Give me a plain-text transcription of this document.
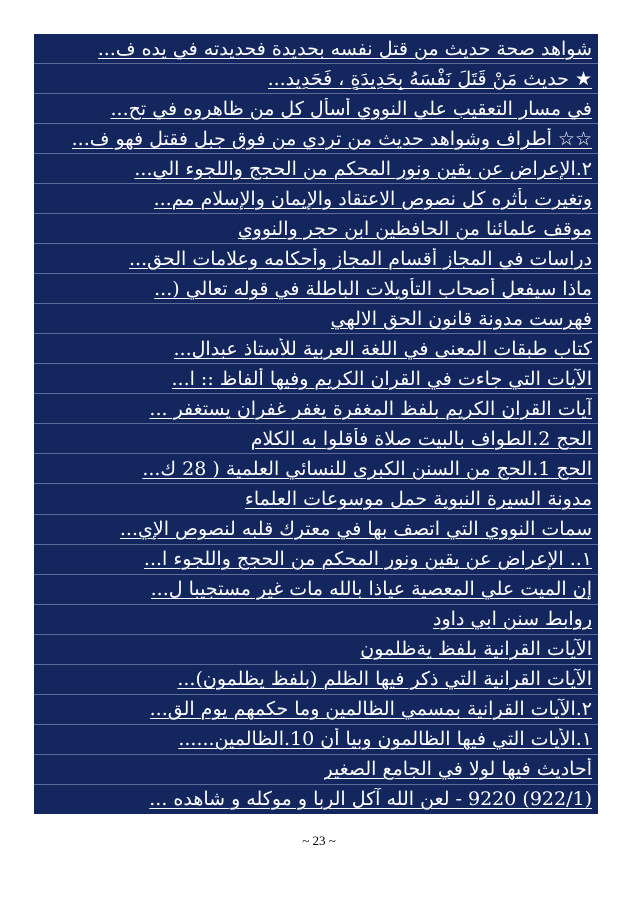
شواهد صحة حديث من قتل نفسه بحديدة فحديدته في يده ف...
★ حديث مَنْ قَتَلَ نَفْسَهُ بِحَدِيدَةٍ ، فَحَدِيد...
في مسار التعقيب علي النووي أسأل كل من ظاهروه في تح...
☆☆ أطراف وشواهد حديث من تردي من فوق جبل فقتل فهو ف...
٢.الإعراض عن يقين ونور المحكم من الحجج واللجوء الي...
وتغيرت بأثره كل نصوص الاعتقاد والإيمان والإسلام مم...
موقف علمائنا من الحافظين ابن حجر والنووي
دراسات في المجاز أقسام المجاز وأحكامه وعلامات الحق...
ماذا سيفعل أصحاب التأويلات الباطلة في قوله تعالي (...
فهرست مدونة قانون الحق الالهي
كتاب طبقات المعنى في اللغة العربية للأستاذ عبدال...
الآيات التي جاءت في القران الكريم وفيها ألفاظ :: ا...
آيات القران الكريم بلفظ المغفرة يغفر غفران يستغفر ...
الحج 2.الطواف بالبيت صلاة فأقلوا به الكلام
الحج 1.الحج من السنن الكبرى للنسائي العلمية ( 28 ك...
مدونة السيرة النبوية حمل موسوعات العلماء
سمات النووي التي اتصف بها في معترك قلبه لنصوص الإي...
١.. الإعراض عن يقين ونور المحكم من الحجج واللجوء ا...
إن الميت علي المعصية عياذا بالله مات غير مستجيبا ل...
روابط سنن ابي داود
الآيات القرانية بلفظ يةظلمون
الآيات القرانية التي ذكر فيها الظلم (بلفظ يظلمون)...
٢.الآيات القرانية بمسمي الظالمين وما حكمهم يوم الق...
١.الأيات التي فيها الظالمون وبيا أن 10.الظالمين......
أحاديث فيها لولا في الجامع الصغير
(922/1) 9220 - لعن الله آكل الربا و موكله و شاهده ...
~ 23 ~
